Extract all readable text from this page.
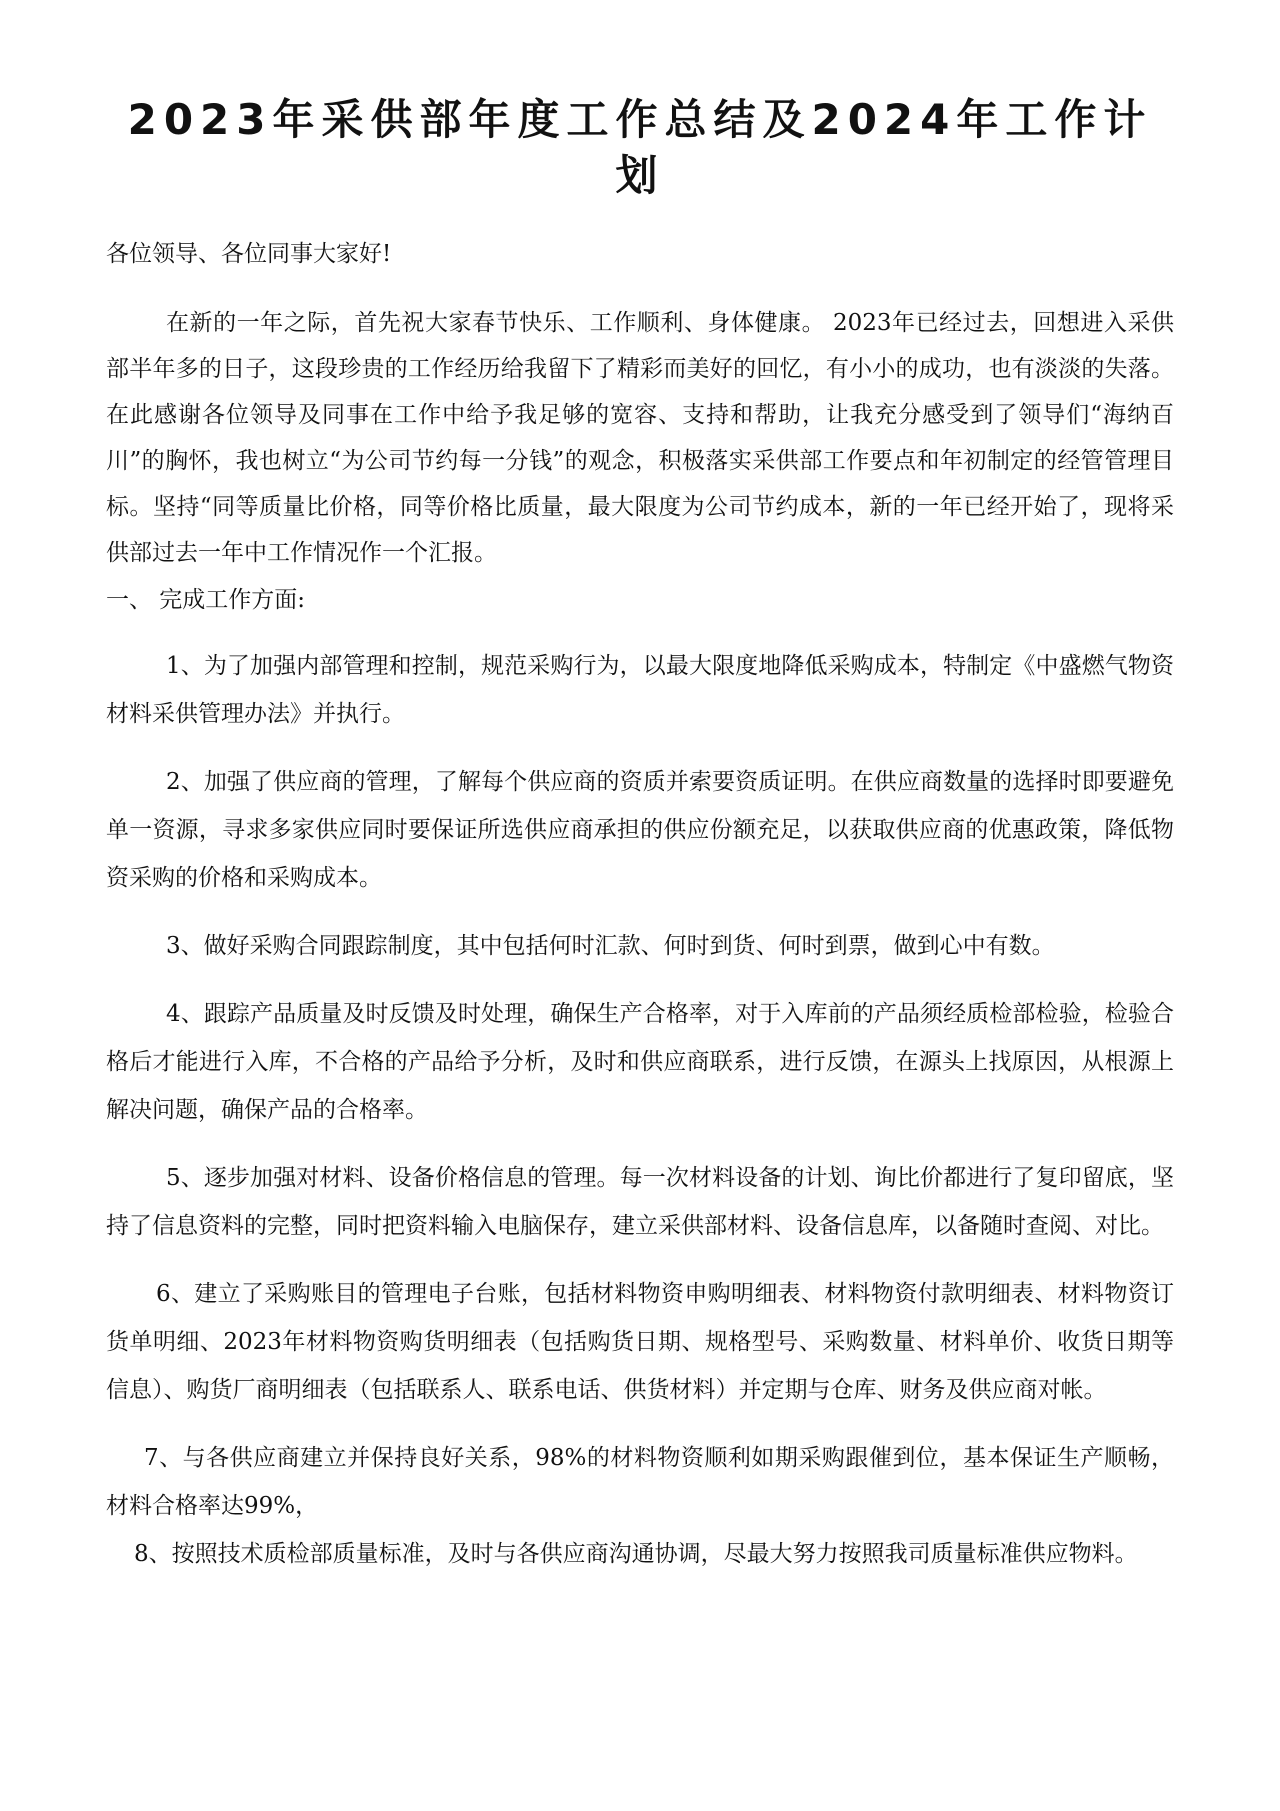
2023年采供部年度工作总结及2024年工作计划

各位领导、各位同事大家好!

在新的一年之际，首先祝大家春节快乐、工作顺利、身体健康。 2023年已经过去，回想进入采供部半年多的日子，这段珍贵的工作经历给我留下了精彩而美好的回忆，有小小的成功，也有淡淡的失落。在此感谢各位领导及同事在工作中给予我足够的宽容、支持和帮助，让我充分感受到了领导们“海纳百川”的胸怀，我也树立“为公司节约每一分钱”的观念，积极落实采供部工作要点和年初制定的经管管理目标。坚持“同等质量比价格，同等价格比质量，最大限度为公司节约成本，新的一年已经开始了，现将采供部过去一年中工作情况作一个汇报。

一、 完成工作方面:

1、为了加强内部管理和控制，规范采购行为，以最大限度地降低采购成本，特制定《中盛燃气物资材料采供管理办法》并执行。

2、加强了供应商的管理，了解每个供应商的资质并索要资质证明。在供应商数量的选择时即要避免单一资源，寻求多家供应同时要保证所选供应商承担的供应份额充足，以获取供应商的优惠政策，降低物资采购的价格和采购成本。

3、做好采购合同跟踪制度，其中包括何时汇款、何时到货、何时到票，做到心中有数。

4、跟踪产品质量及时反馈及时处理，确保生产合格率，对于入库前的产品须经质检部检验，检验合格后才能进行入库，不合格的产品给予分析，及时和供应商联系，进行反馈，在源头上找原因，从根源上解决问题，确保产品的合格率。

5、逐步加强对材料、设备价格信息的管理。每一次材料设备的计划、询比价都进行了复印留底，坚持了信息资料的完整，同时把资料输入电脑保存，建立采供部材料、设备信息库，以备随时查阅、对比。

6、建立了采购账目的管理电子台账，包括材料物资申购明细表、材料物资付款明细表、材料物资订货单明细、2023年材料物资购货明细表（包括购货日期、规格型号、采购数量、材料单价、收货日期等信息）、购货厂商明细表（包括联系人、联系电话、供货材料）并定期与仓库、财务及供应商对帐。

7、与各供应商建立并保持良好关系，98%的材料物资顺利如期采购跟催到位，基本保证生产顺畅，材料合格率达99%，

8、按照技术质检部质量标准，及时与各供应商沟通协调，尽最大努力按照我司质量标准供应物料。
